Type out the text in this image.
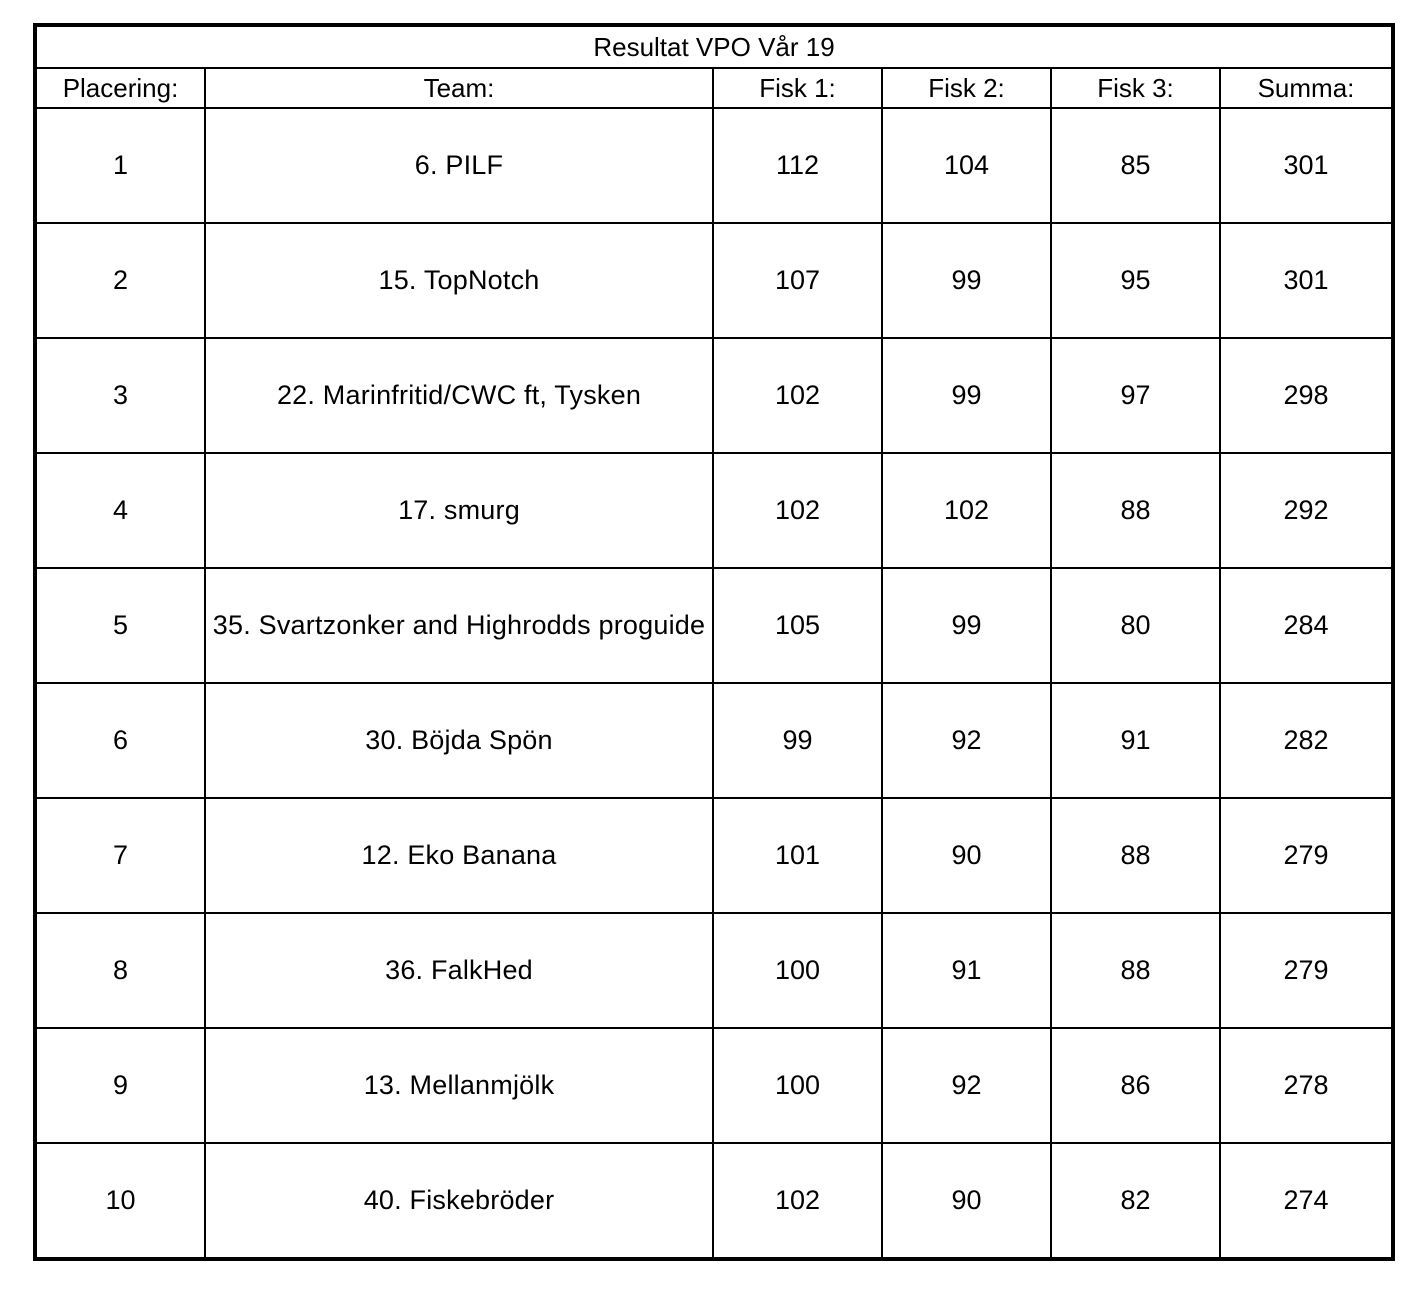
Resultat VPO Vår 19					
Placering:	Team:	Fisk 1:	Fisk 2:	Fisk 3:	Summa:
1	6. PILF	112	104	85	301
2	15. TopNotch	107	99	95	301
3	22. Marinfritid/CWC ft, Tysken	102	99	97	298
4	17. smurg	102	102	88	292
5	35. Svartzonker and Highrodds proguide	105	99	80	284
6	30. Böjda Spön	99	92	91	282
7	12. Eko Banana	101	90	88	279
8	36. FalkHed	100	91	88	279
9	13. Mellanmjölk	100	92	86	278
10	40. Fiskebröder	102	90	82	274
